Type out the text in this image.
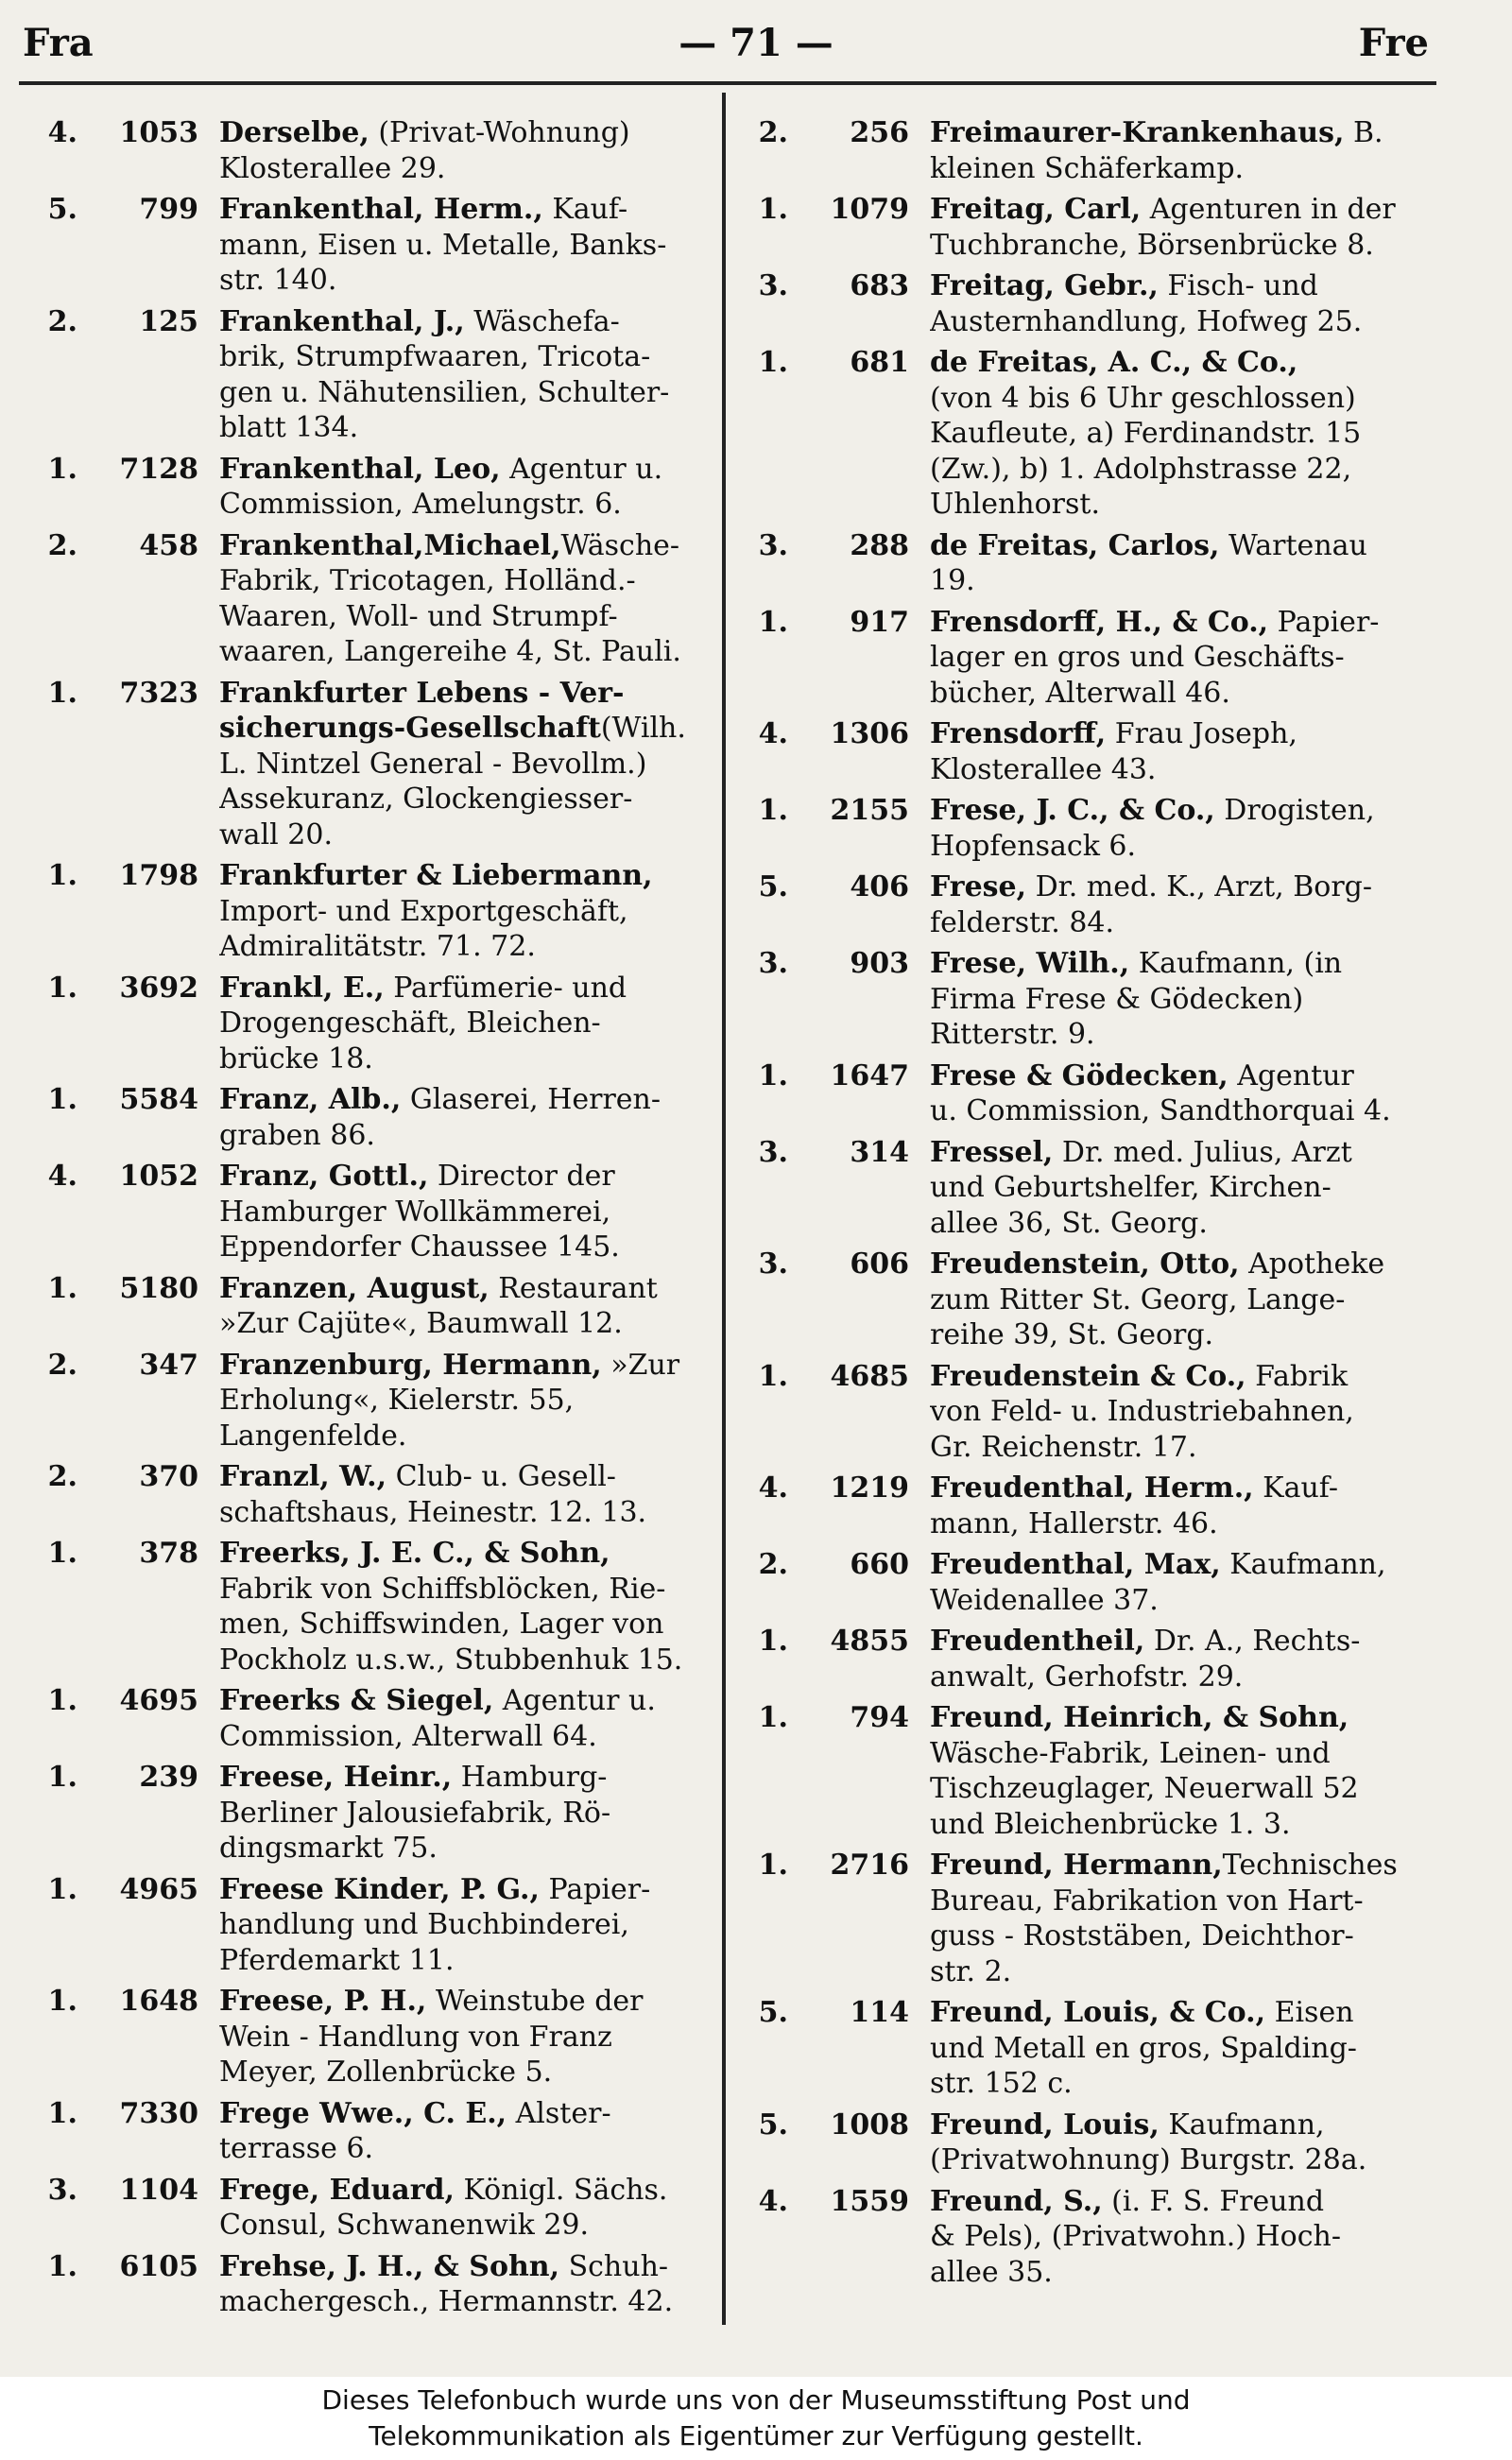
Fra	— 71 —	Fre
4.	1053 Derselbe, (Privat-Wohnung)
Klosterallee 29.
5.	799 Frankenthal, Herm., Kauf-
mann, Eisen u. Metalle, Banks-
str. 140.
2.	125 Frankenthal, J., Wäschefa-
brik, Strumpfwaaren, Tricota-
gen u. Nähutensilien, Schulter-
blatt 134.
1.	7128 Frankenthal, Leo, Agentur u.
Commission, Amelungstr. 6.
2.	458 Frankenthal,Michael,Wäsche-
Fabrik, Tricotagen, Holländ.-
Waaren, Woll- und Strumpf-
waaren, Langereihe 4, St. Pauli.
1.	7323 Frankfurter Lebens - Ver-
sicherungs-Gesellschaft(Wilh.
L. Nintzel General - Bevollm.)
Assekuranz, Glockengiesser-
wall 20.
1.	1798 Frankfurter & Liebermann,
Import- und Exportgeschäft,
Admiralitätstr. 71. 72.
1.	3692 Frankl, E., Parfümerie- und
Drogengeschäft, Bleichen-
brücke 18.
1.	5584 Franz, Alb., Glaserei, Herren-
graben 86.
4.	1052 Franz, Gottl., Director der
Hamburger Wollkämmerei,
Eppendorfer Chaussee 145.
1.	5180 Franzen, August, Restaurant
»Zur Cajüte«, Baumwall 12.
2.	347 Franzenburg, Hermann, »Zur
Erholung«, Kielerstr. 55,
Langenfelde.
2.	370 Franzl, W., Club- u. Gesell-
schaftshaus, Heinestr. 12. 13.
1.	378 Freerks, J. E. C., & Sohn,
Fabrik von Schiffsblöcken, Rie-
men, Schiffswinden, Lager von
Pockholz u.s.w., Stubbenhuk 15.
1.	4695 Freerks & Siegel, Agentur u.
Commission, Alterwall 64.
1.	239 Freese, Heinr., Hamburg-
Berliner Jalousiefabrik, Rö-
dingsmarkt 75.
1.	4965 Freese Kinder, P. G., Papier-
handlung und Buchbinderei,
Pferdemarkt 11.
1.	1648 Freese, P. H., Weinstube der
Wein - Handlung von Franz
Meyer, Zollenbrücke 5.
1.	7330 Frege Wwe., C. E., Alster-
terrasse 6.
3.	1104 Frege, Eduard, Königl. Sächs.
Consul, Schwanenwik 29.
1.	6105 Frehse, J. H., & Sohn, Schuh-
machergesch., Hermannstr. 42.
2.	256 Freimaurer-Krankenhaus, B.
kleinen Schäferkamp.
1.	1079 Freitag, Carl, Agenturen in der
Tuchbranche, Börsenbrücke 8.
3.	683 Freitag, Gebr., Fisch- und
Austernhandlung, Hofweg 25.
1.	681 de Freitas, A. C., & Co.,
(von 4 bis 6 Uhr geschlossen)
Kaufleute, a) Ferdinandstr. 15
(Zw.), b) 1. Adolphstrasse 22,
Uhlenhorst.
3.	288 de Freitas, Carlos, Wartenau
19.
1.	917 Frensdorff, H., & Co., Papier-
lager en gros und Geschäfts-
bücher, Alterwall 46.
4.	1306 Frensdorff, Frau Joseph,
Klosterallee 43.
1.	2155 Frese, J. C., & Co., Drogisten,
Hopfensack 6.
5.	406 Frese, Dr. med. K., Arzt, Borg-
felderstr. 84.
3.	903 Frese, Wilh., Kaufmann, (in
Firma Frese & Gödecken)
Ritterstr. 9.
1.	1647 Frese & Gödecken, Agentur
u. Commission, Sandthorquai 4.
3.	314 Fressel, Dr. med. Julius, Arzt
und Geburtshelfer, Kirchen-
allee 36, St. Georg.
3.	606 Freudenstein, Otto, Apotheke
zum Ritter St. Georg, Lange-
reihe 39, St. Georg.
1.	4685 Freudenstein & Co., Fabrik
von Feld- u. Industriebahnen,
Gr. Reichenstr. 17.
4.	1219 Freudenthal, Herm., Kauf-
mann, Hallerstr. 46.
2.	660 Freudenthal, Max, Kaufmann,
Weidenallee 37.
1.	4855 Freudentheil, Dr. A., Rechts-
anwalt, Gerhofstr. 29.
1.	794 Freund, Heinrich, & Sohn,
Wäsche-Fabrik, Leinen- und
Tischzeuglager, Neuerwall 52
und Bleichenbrücke 1. 3.
1.	2716 Freund, Hermann,Technisches
Bureau, Fabrikation von Hart-
guss - Roststäben, Deichthor-
str. 2.
5.	114 Freund, Louis, & Co., Eisen
und Metall en gros, Spalding-
str. 152 c.
5.	1008 Freund, Louis, Kaufmann,
(Privatwohnung) Burgstr. 28a.
4.	1559 Freund, S., (i. F. S. Freund
& Pels), (Privatwohn.) Hoch-
allee 35.
Dieses Telefonbuch wurde uns von der Museumsstiftung Post und
Telekommunikation als Eigentümer zur Verfügung gestellt.
